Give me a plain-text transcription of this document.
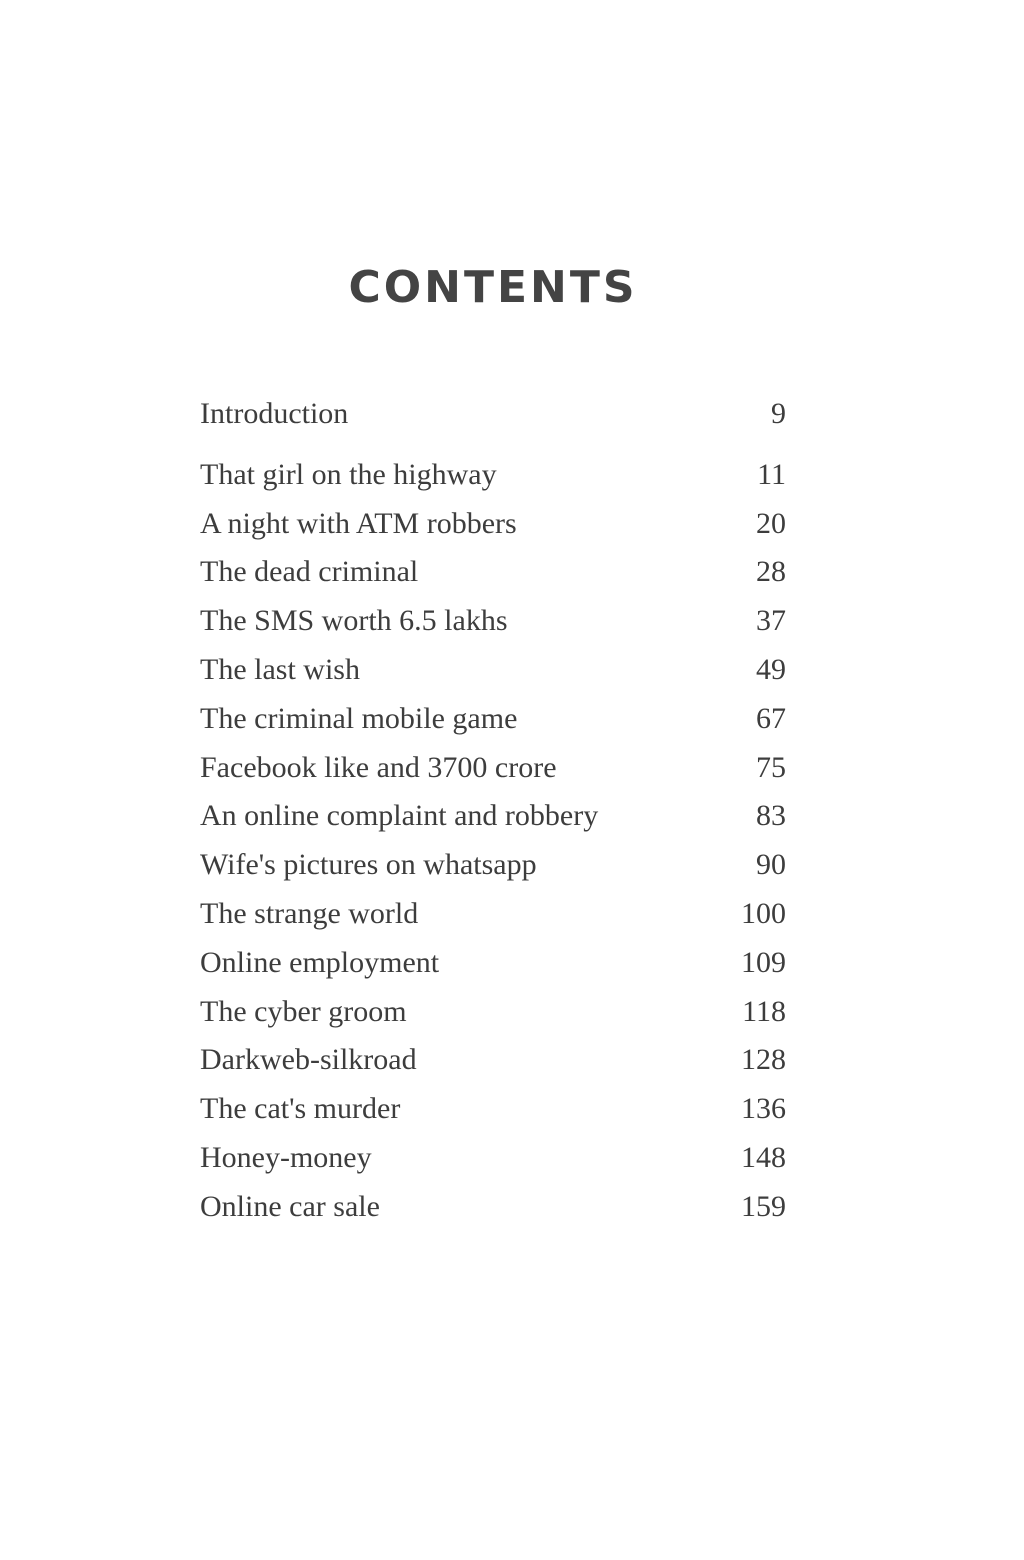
CONTENTS
Introduction	9
That girl on the highway	11
A night with ATM robbers	20
The dead criminal	28
The SMS worth 6.5 lakhs	37
The last wish	49
The criminal mobile game	67
Facebook like and 3700 crore	75
An online complaint and robbery	83
Wife's pictures on whatsapp	90
The strange world	100
Online employment	109
The cyber groom	118
Darkweb-silkroad	128
The cat's murder	136
Honey-money	148
Online car sale	159
